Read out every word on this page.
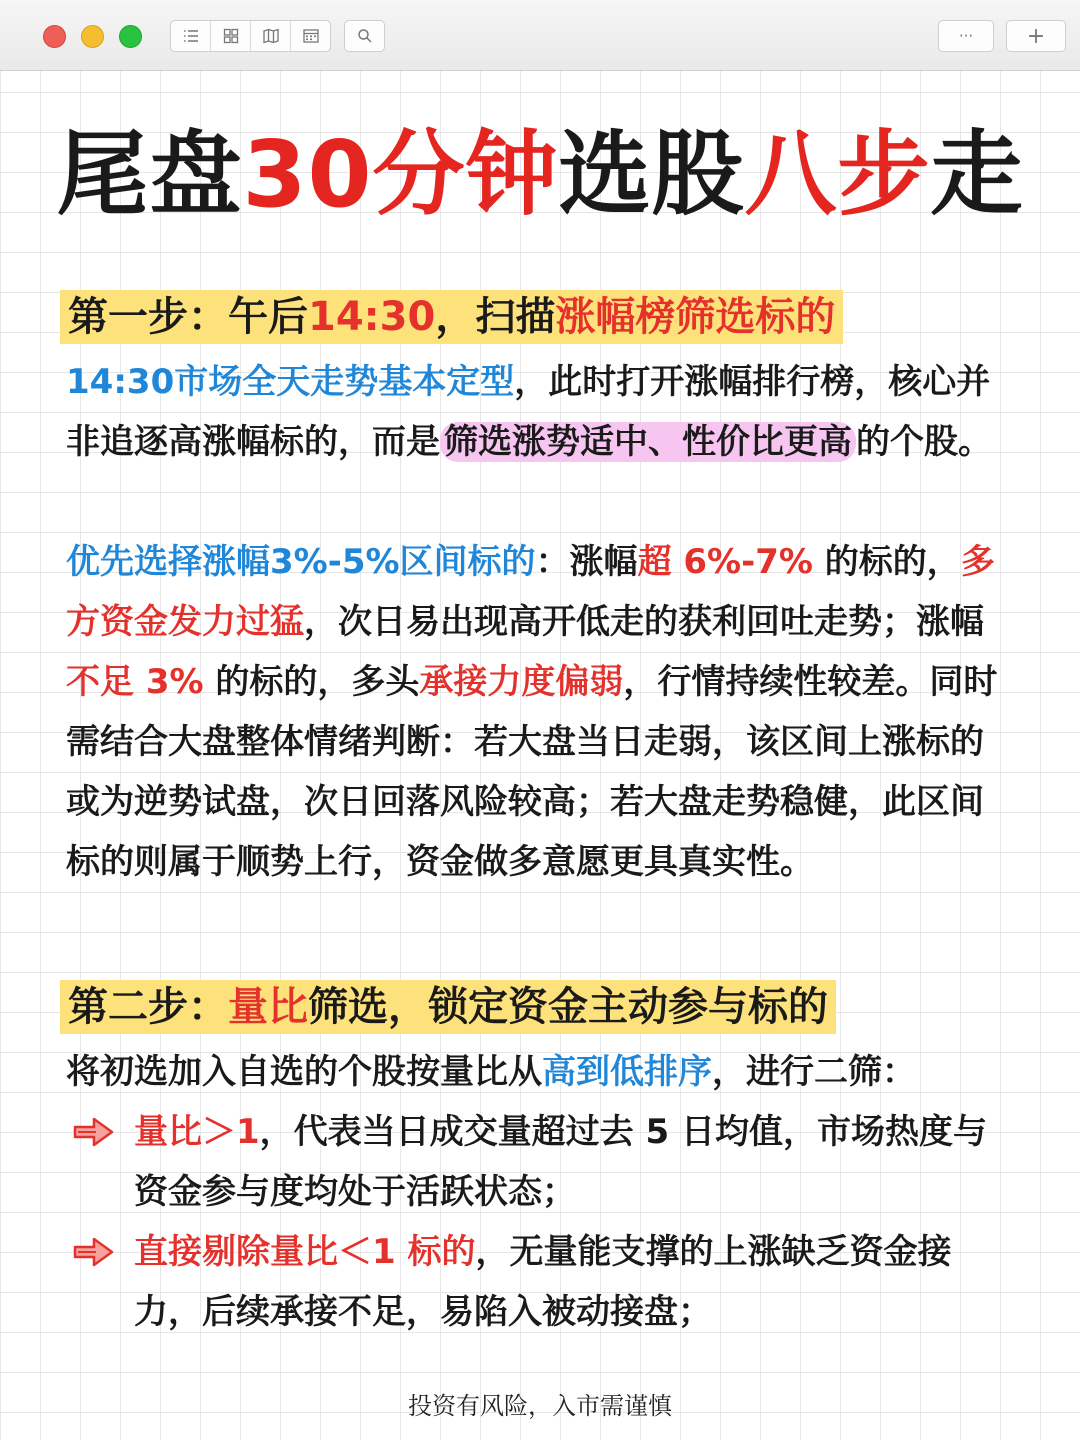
··· +
尾盘30分钟选股八步走
第一步：午后14:30，扫描涨幅榜筛选标的

14:30市场全天走势基本定型，此时打开涨幅排行榜，核心并非追逐高涨幅标的，而是 筛选涨势适中、性价比更高 的个股。

优先选择涨幅3%-5%区间标的：涨幅超 6%-7% 的标的，多方资金发力过猛，次日易出现高开低走的获利回吐走势；涨幅不足 3% 的标的，多头承接力度偏弱，行情持续性较差。同时需结合大盘整体情绪判断：若大盘当日走弱，该区间上涨标的或为逆势试盘，次日回落风险较高；若大盘走势稳健，此区间标的则属于顺势上行，资金做多意愿更具真实性。

第二步：量比筛选，锁定资金主动参与标的

将初选加入自选的个股按量比从高到低排序，进行二筛：

量比＞1，代表当日成交量超过去 5 日均值，市场热度与资金参与度均处于活跃状态；
直接剔除量比＜1 标的，无量能支撑的上涨缺乏资金接力，后续承接不足，易陷入被动接盘；
投资有风险，入市需谨慎
